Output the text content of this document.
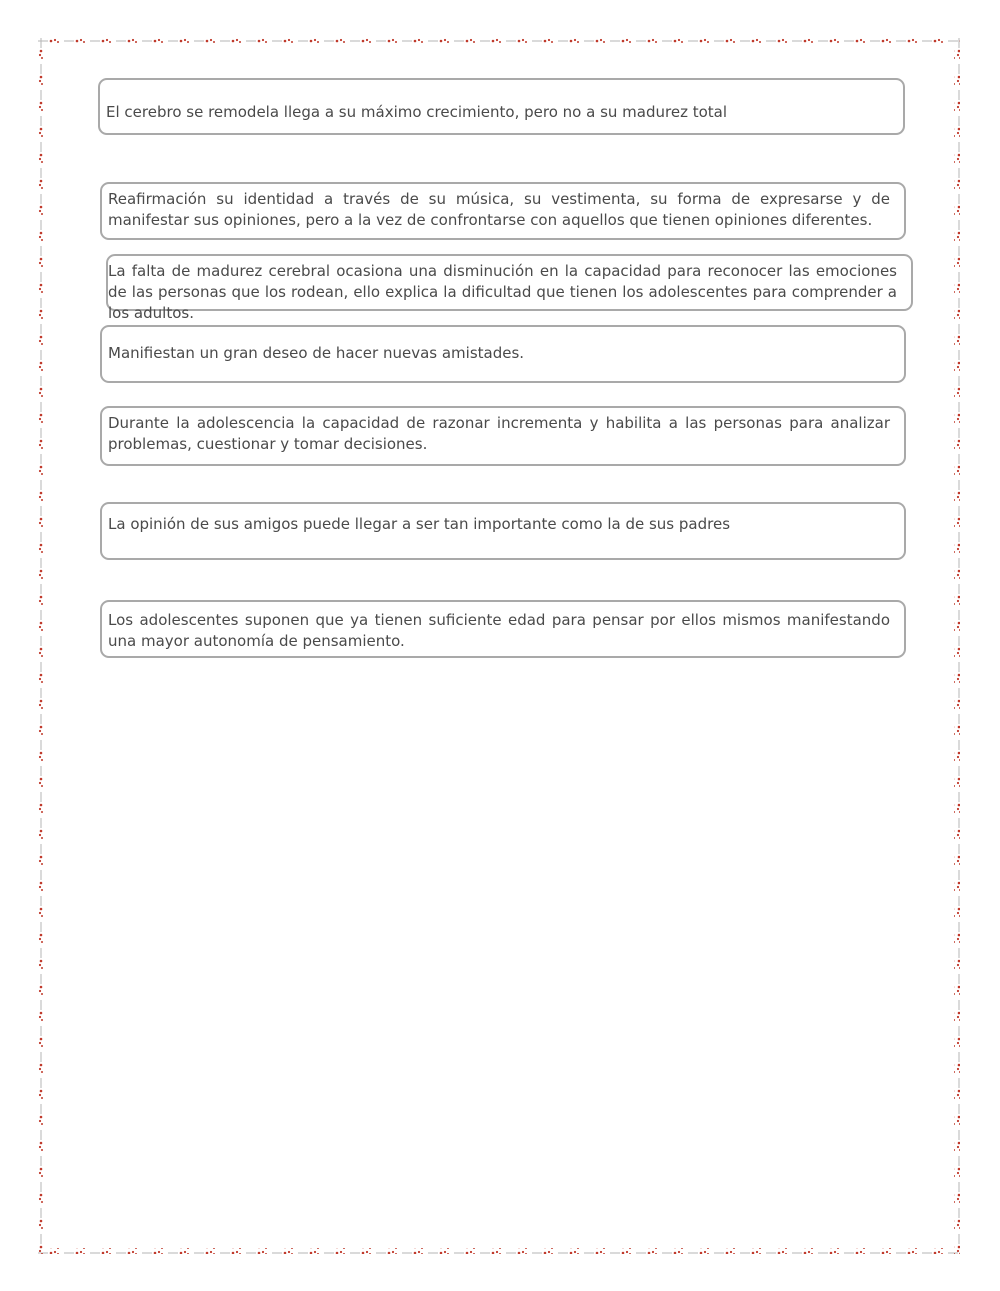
El cerebro se remodela llega a su máximo crecimiento, pero no a su madurez total
Reafirmación su identidad a través de su música, su vestimenta, su forma de expresarse y de manifestar sus opiniones, pero a la vez de confrontarse con aquellos que tienen opiniones diferentes.
La falta de madurez cerebral ocasiona una disminución en la capacidad para reconocer las emociones de las personas que los rodean, ello explica la dificultad que tienen los adolescentes para comprender a los adultos.
Manifiestan un gran deseo de hacer nuevas amistades.
Durante la adolescencia la capacidad de razonar incrementa y habilita a las personas para analizar problemas, cuestionar y tomar decisiones.
La opinión de sus amigos puede llegar a ser tan importante como la de sus padres
Los adolescentes suponen que ya tienen suficiente edad para pensar por ellos mismos manifestando una mayor autonomía de pensamiento.
